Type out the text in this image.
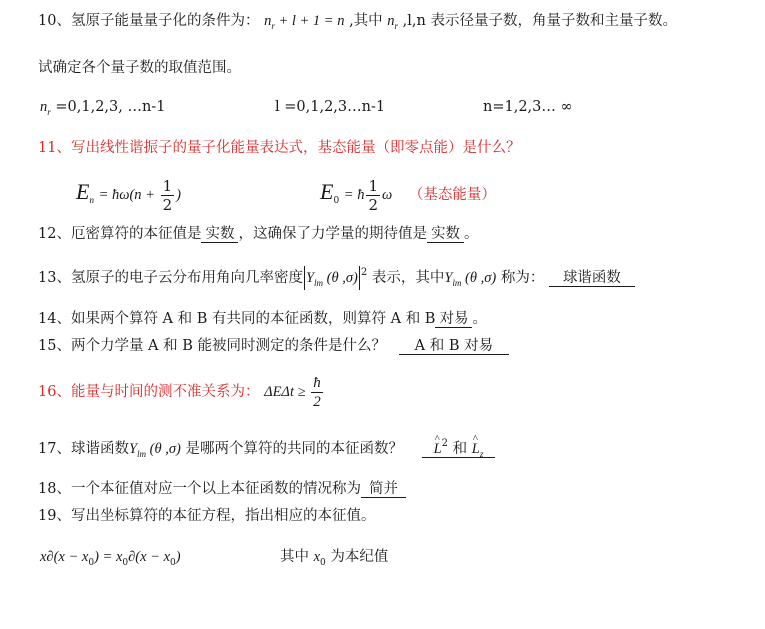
10、氢原子能量量子化的条件为： $n_r + l + 1 = n$ ,其中 $n_r$ ,l,n 表示径量子数，角量子数和主量子数。
试确定各个量子数的取值范围。
$n_r =0,1,2,3$, …n-1	l =0,1,2,3…n-1	n=1,2,3… ∞
11、写出线性谐振子的量子化能量表达式，基态能量（即零点能）是什么？
$E_n$ = ħω(n + $\frac{1}{2}$ )	$E_0$ = ħ $\frac{1}{2}$ ω （基态能量）
12、厄密算符的本征值是 实数 ，这确保了力学量的期待值是 实数 。
13、氢原子的电子云分布用角向几率密度 $Y_{lm}$ (θ ,σ) $^2$ 表示，其中$Y_{lm}$ (θ ,σ) 称为： 球谐函数
14、如果两个算符 A 和 B 有共同的本征函数，则算符 A 和 B 对易 。
15、两个力学量 A 和 B 能被同时测定的条件是什么？ A 和 B 对易
16、能量与时间的测不准关系为： $\Delta E\Delta t \ge \frac{ħ}{2}$
17、球谐函数$Y_{lm}$ (θ ,σ) 是哪两个算符的共同的本征函数？ ^ $L^2$ 和 ^ $L_z$
18、一个本征值对应一个以上本征函数的情况称为 简并
19、写出坐标算符的本征方程，指出相应的本征值。
$x\partial(x - x_0) = x_0\partial(x - x_0)$	其中 $x_0$ 为本纪值
